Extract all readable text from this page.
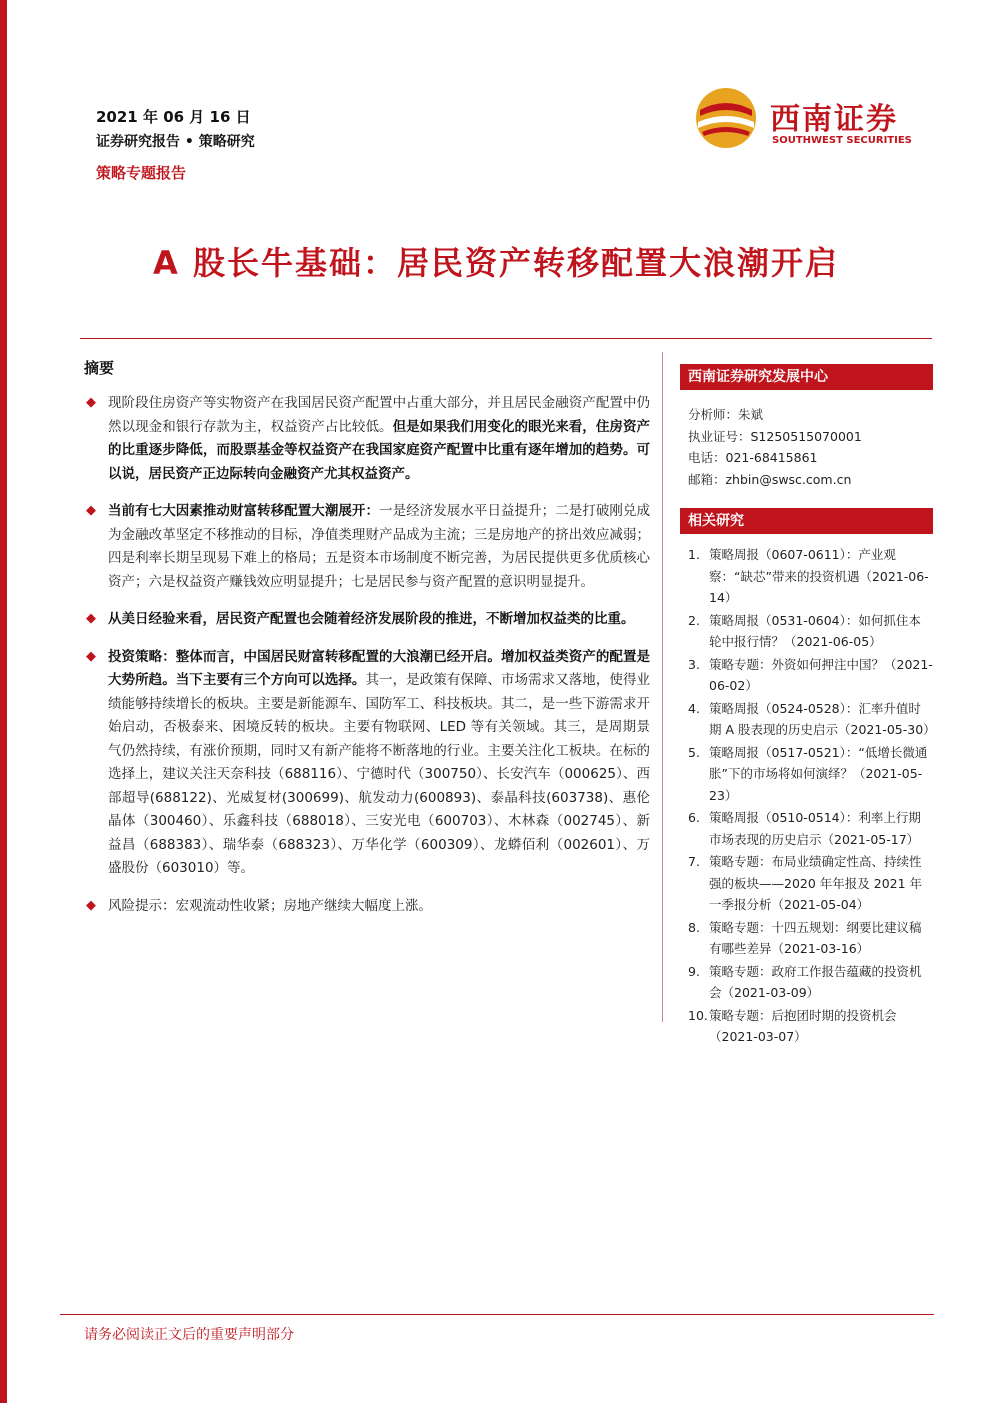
2021 年 06 月 16 日
证券研究报告 • 策略研究
策略专题报告
西南证券
SOUTHWEST SECURITIES
A 股长牛基础：居民资产转移配置大浪潮开启
摘要
◆ 现阶段住房资产等实物资产在我国居民资产配置中占重大部分，并且居民金融资产配置中仍然以现金和银行存款为主，权益资产占比较低。但是如果我们用变化的眼光来看，住房资产的比重逐步降低，而股票基金等权益资产在我国家庭资产配置中比重有逐年增加的趋势。可以说，居民资产正边际转向金融资产尤其权益资产。
◆ 当前有七大因素推动财富转移配置大潮展开：一是经济发展水平日益提升；二是打破刚兑成为金融改革坚定不移推动的目标，净值类理财产品成为主流；三是房地产的挤出效应减弱；四是利率长期呈现易下难上的格局；五是资本市场制度不断完善，为居民提供更多优质核心资产；六是权益资产赚钱效应明显提升；七是居民参与资产配置的意识明显提升。
◆ 从美日经验来看，居民资产配置也会随着经济发展阶段的推进，不断增加权益类的比重。
◆ 投资策略：整体而言，中国居民财富转移配置的大浪潮已经开启。增加权益类资产的配置是大势所趋。当下主要有三个方向可以选择。其一，是政策有保障、市场需求又落地，使得业绩能够持续增长的板块。主要是新能源车、国防军工、科技板块。其二，是一些下游需求开始启动，否极泰来、困境反转的板块。主要有物联网、LED 等有关领域。其三，是周期景气仍然持续，有涨价预期，同时又有新产能将不断落地的行业。主要关注化工板块。在标的选择上，建议关注天奈科技（688116）、宁德时代（300750）、长安汽车（000625）、西部超导(688122)、光威复材(300699)、航发动力(600893)、泰晶科技(603738)、惠伦晶体（300460）、乐鑫科技（688018）、三安光电（600703）、木林森（002745）、新益昌（688383）、瑞华泰（688323）、万华化学（600309）、龙蟒佰利（002601）、万盛股份（603010）等。
◆ 风险提示：宏观流动性收紧；房地产继续大幅度上涨。
西南证券研究发展中心
分析师：朱斌
执业证号：S1250515070001
电话：021-68415861
邮箱：zhbin@swsc.com.cn
相关研究
1. 策略周报（0607-0611）：产业观察：“缺芯”带来的投资机遇（2021-06-14）
2. 策略周报（0531-0604）：如何抓住本轮中报行情？（2021-06-05）
3. 策略专题：外资如何押注中国？（2021-06-02）
4. 策略周报（0524-0528）：汇率升值时期 A 股表现的历史启示（2021-05-30）
5. 策略周报（0517-0521）：“低增长微通胀”下的市场将如何演绎？（2021-05-23）
6. 策略周报（0510-0514）：利率上行期市场表现的历史启示（2021-05-17）
7. 策略专题：布局业绩确定性高、持续性强的板块——2020 年年报及 2021 年一季报分析（2021-05-04）
8. 策略专题：十四五规划：纲要比建议稿有哪些差异（2021-03-16）
9. 策略专题：政府工作报告蕴藏的投资机会（2021-03-09）
10. 策略专题：后抱团时期的投资机会（2021-03-07）
请务必阅读正文后的重要声明部分
